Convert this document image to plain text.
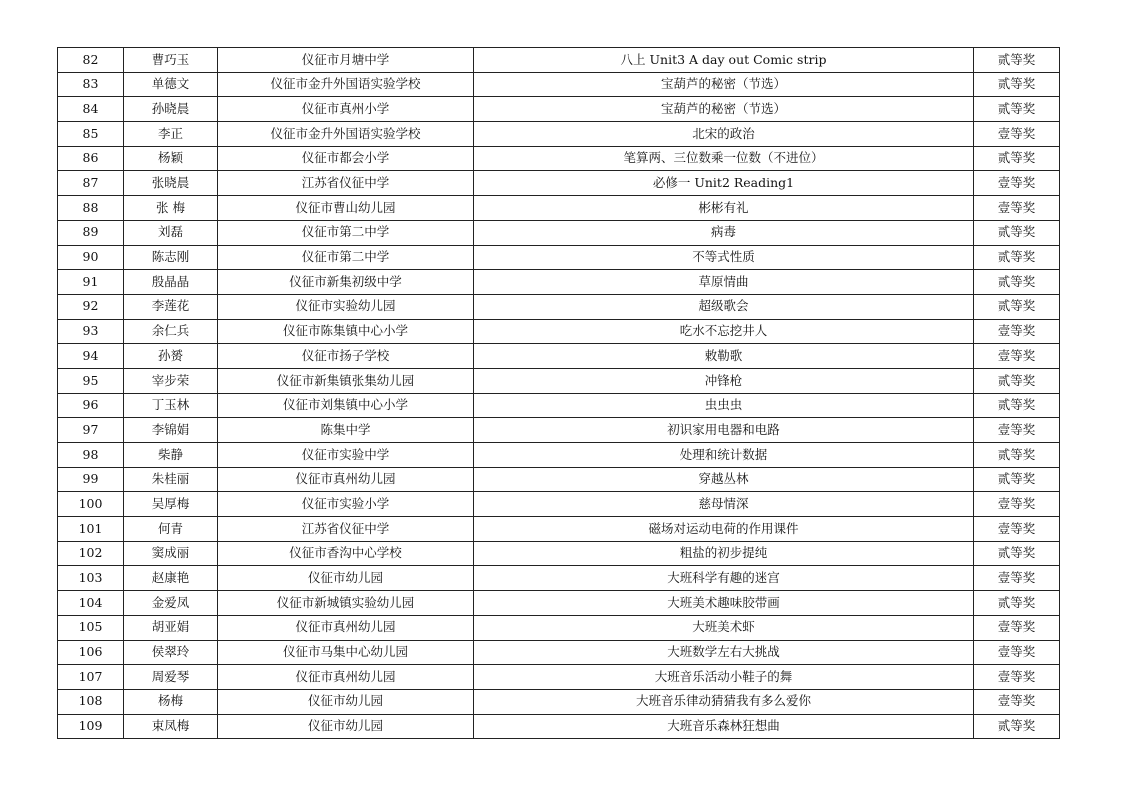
82	曹巧玉	仪征市月塘中学	八上 Unit3 A day out Comic strip	贰等奖
83	单德文	仪征市金升外国语实验学校	宝葫芦的秘密（节选）	贰等奖
84	孙晓晨	仪征市真州小学	宝葫芦的秘密（节选）	贰等奖
85	李正	仪征市金升外国语实验学校	北宋的政治	壹等奖
86	杨颖	仪征市都会小学	笔算两、三位数乘一位数（不进位）	贰等奖
87	张晓晨	江苏省仪征中学	必修一 Unit2 Reading1	壹等奖
88	张 梅	仪征市曹山幼儿园	彬彬有礼	壹等奖
89	刘磊	仪征市第二中学	病毒	贰等奖
90	陈志刚	仪征市第二中学	不等式性质	贰等奖
91	殷晶晶	仪征市新集初级中学	草原情曲	贰等奖
92	李莲花	仪征市实验幼儿园	超级歌会	贰等奖
93	余仁兵	仪征市陈集镇中心小学	吃水不忘挖井人	壹等奖
94	孙赟	仪征市扬子学校	敕勒歌	壹等奖
95	宰步荣	仪征市新集镇张集幼儿园	冲锋枪	贰等奖
96	丁玉林	仪征市刘集镇中心小学	虫虫虫	贰等奖
97	李锦娟	陈集中学	初识家用电器和电路	壹等奖
98	柴静	仪征市实验中学	处理和统计数据	贰等奖
99	朱桂丽	仪征市真州幼儿园	穿越丛林	贰等奖
100	吴厚梅	仪征市实验小学	慈母情深	壹等奖
101	何青	江苏省仪征中学	磁场对运动电荷的作用课件	壹等奖
102	窦成丽	仪征市香沟中心学校	粗盐的初步提纯	贰等奖
103	赵康艳	仪征市幼儿园	大班科学有趣的迷宫	壹等奖
104	金爱凤	仪征市新城镇实验幼儿园	大班美术趣味胶带画	贰等奖
105	胡亚娟	仪征市真州幼儿园	大班美术虾	壹等奖
106	侯翠玲	仪征市马集中心幼儿园	大班数学左右大挑战	壹等奖
107	周爱琴	仪征市真州幼儿园	大班音乐活动小鞋子的舞	壹等奖
108	杨梅	仪征市幼儿园	大班音乐律动猜猜我有多么爱你	壹等奖
109	束凤梅	仪征市幼儿园	大班音乐森林狂想曲	贰等奖
